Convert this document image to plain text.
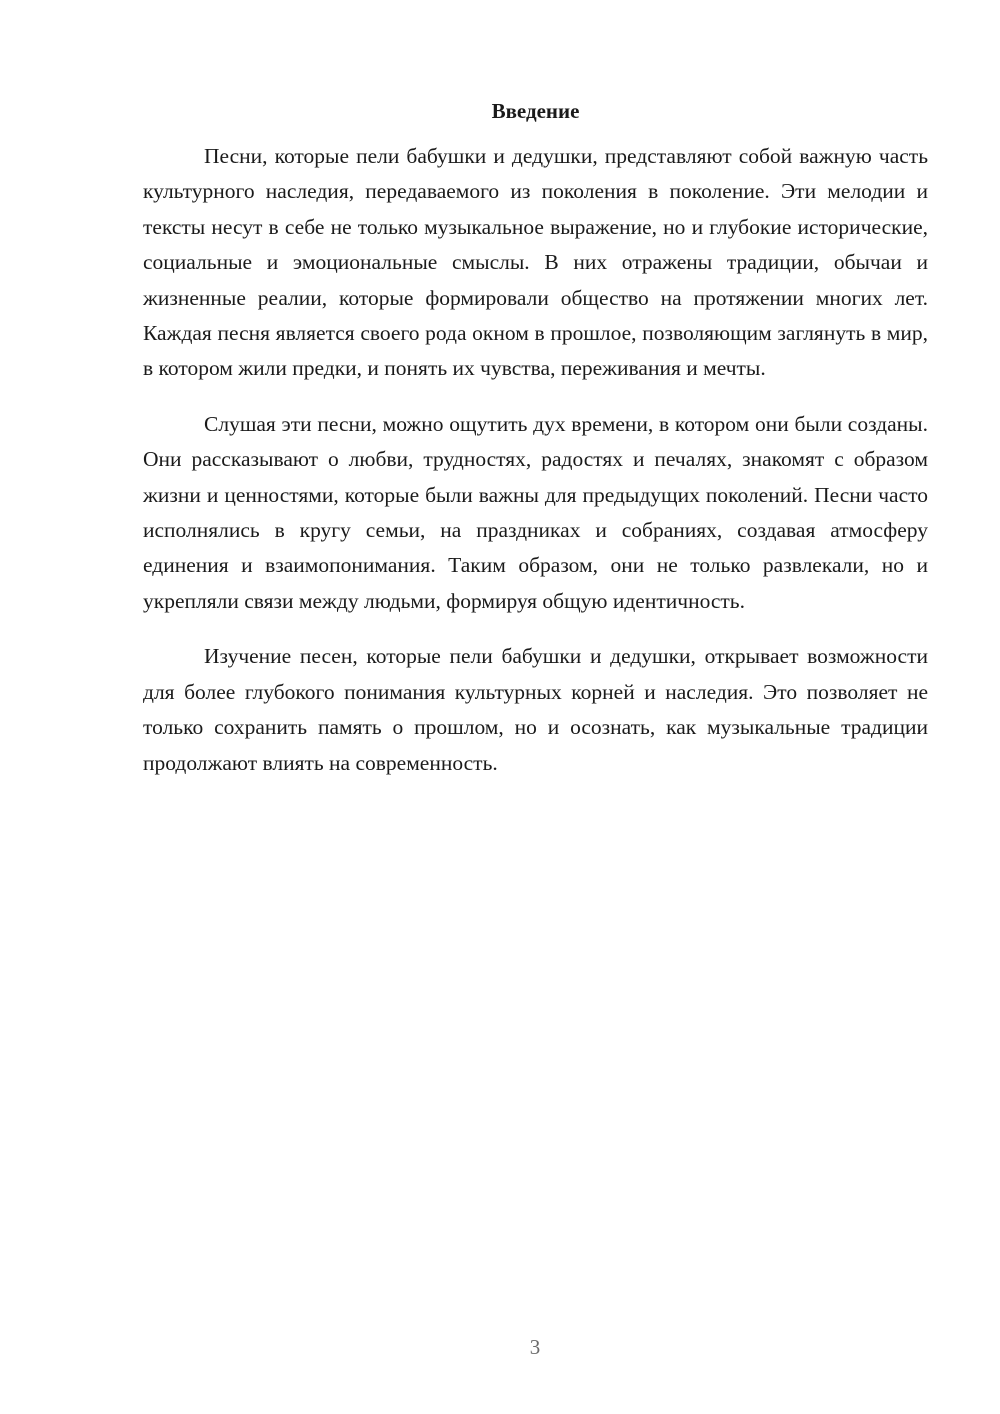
Введение

Песни, которые пели бабушки и дедушки, представляют собой важную часть культурного наследия, передаваемого из поколения в поколение. Эти мелодии и тексты несут в себе не только музыкальное выражение, но и глубокие исторические, социальные и эмоциональные смыслы. В них отражены традиции, обычаи и жизненные реалии, которые формировали общество на протяжении многих лет. Каждая песня является своего рода окном в прошлое, позволяющим заглянуть в мир, в котором жили предки, и понять их чувства, переживания и мечты.

Слушая эти песни, можно ощутить дух времени, в котором они были созданы. Они рассказывают о любви, трудностях, радостях и печалях, знакомят с образом жизни и ценностями, которые были важны для предыдущих поколений. Песни часто исполнялись в кругу семьи, на праздниках и собраниях, создавая атмосферу единения и взаимопонимания. Таким образом, они не только развлекали, но и укрепляли связи между людьми, формируя общую идентичность.

Изучение песен, которые пели бабушки и дедушки, открывает возможности для более глубокого понимания культурных корней и наследия. Это позволяет не только сохранить память о прошлом, но и осознать, как музыкальные традиции продолжают влиять на современность.

3
